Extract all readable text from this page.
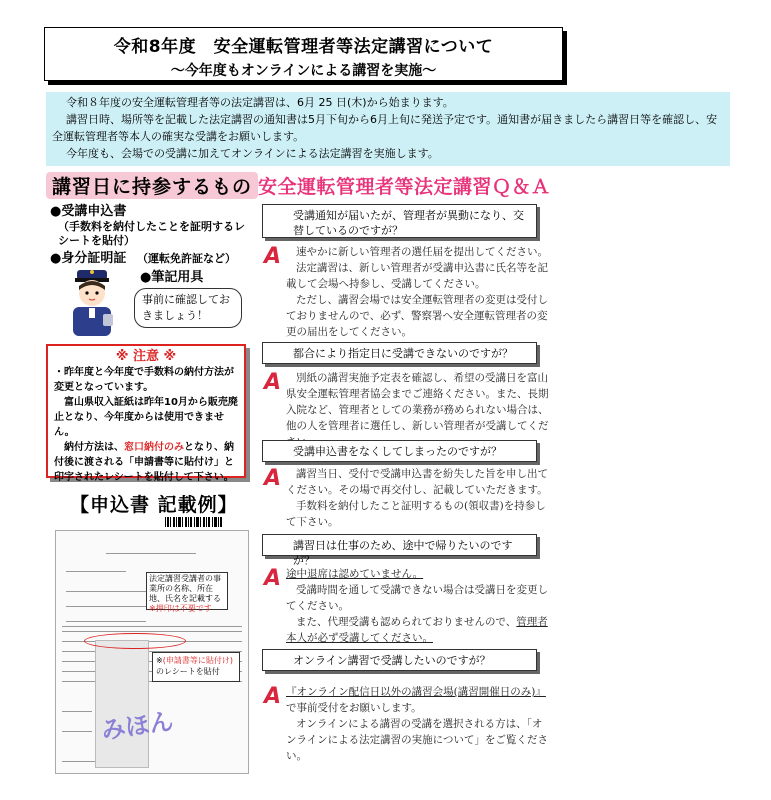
令和8年度　安全運転管理者等法定講習について
～今年度もオンラインによる講習を実施～

令和８年度の安全運転管理者等の法定講習は、6月 25 日(木)から始まります。

講習日時、場所等を記載した法定講習の通知書は5月下旬から6月上旬に発送予定です。通知書が届きましたら講習日等を確認し、安全運転管理者等本人の確実な受講をお願いします。

今年度も、会場での受講に加えてオンラインによる法定講習を実施します。

講習日に持参するもの
●受講申込書
（手数料を納付したことを証明するレシートを貼付）
●身分証明証
●筆記用具
（運転免許証など）
事前に確認しておきましょう！
※ 注意 ※
・昨年度と今年度で手数料の納付方法が変更となっています。
富山県収入証紙は昨年10月から販売廃止となり、今年度からは使用できません。
納付方法は、窓口納付のみとなり、納付後に渡される「申請書等に貼付け」と印字されたレシートを貼付して下さい。
【申込書 記載例】
法定講習受講者の事業所の名称、所在地、氏名を記載する
※押印は不要です
※(申請書等に貼付け)
のレシートを貼付
みほん
安全運転管理者等法定講習Ｑ＆Ａ
受講通知が届いたが、管理者が異動になり、交替しているのですが？
A	速やかに新しい管理者の選任届を提出してください。

法定講習は、新しい管理者が受講申込書に氏名等を記載して会場へ持参し、受講してください。

ただし、講習会場では安全運転管理者の変更は受付しておりませんので、必ず、警察署へ安全運転管理者の変更の届出をしてください。

都合により指定日に受講できないのですが？
A	別紙の講習実施予定表を確認し、希望の受講日を富山県安全運転管理者協会までご連絡ください。また、長期入院など、管理者としての業務が務められない場合は、他の人を管理者に選任し、新しい管理者が受講してくだ

受講申込書をなくしてしまったのですが？
A	講習当日、受付で受講申込書を紛失した旨を申し出てください。その場で再交付し、記載していただきます。

手数料を納付したこと証明するもの(領収書)を持参して下さい。

講習日は仕事のため、途中で帰りたいのですが？
A 途中退席は認めていません。

受講時間を通して受講できない場合は受講日を変更してください。

また、代理受講も認められておりませんので、管理者本人が必ず受講してください。

オンライン講習で受講したいのですが？
A 『オンライン配信日以外の講習会場(講習開催日のみ)』で事前受付をお願いします。

オンラインによる講習の受講を選択される方は、「オンラインによる法定講習の実施について」をご覧ください。
